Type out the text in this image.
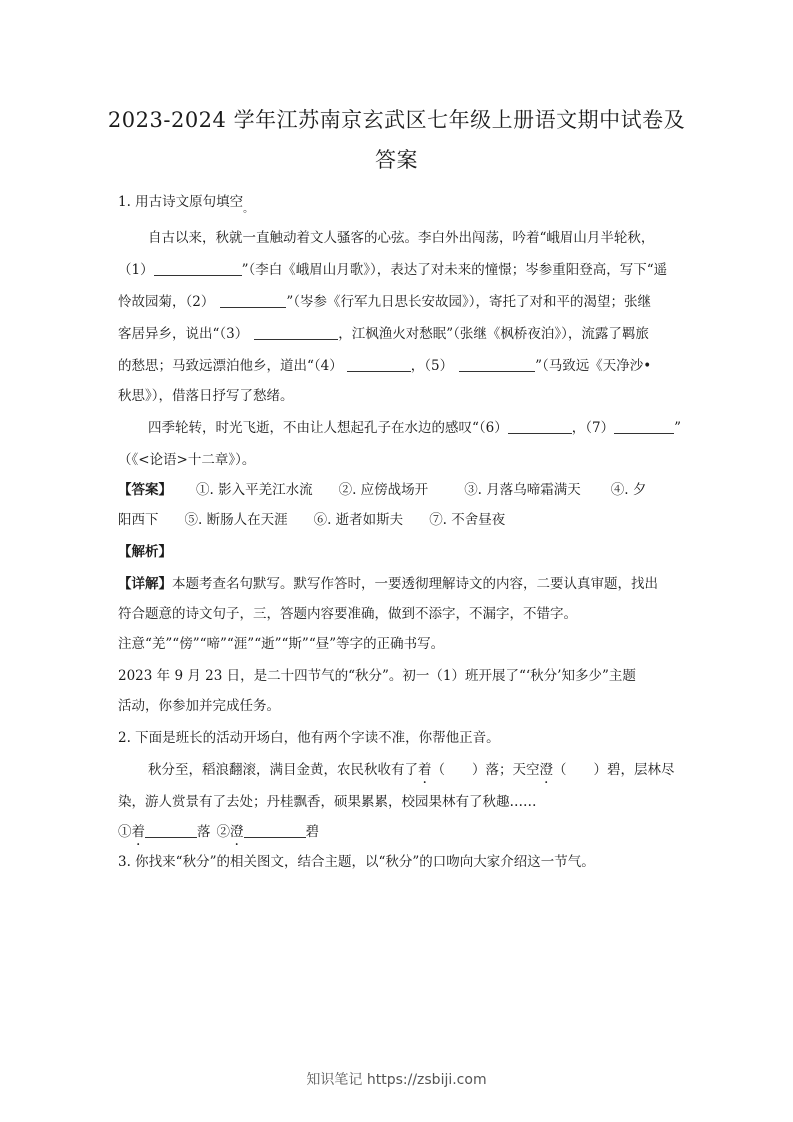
2023-2024 学年江苏南京玄武区七年级上册语文期中试卷及
答案
1. 用古诗文原句填空$_。$
自古以来，秋就一直触动着文人骚客的心弦。李白外出闯荡，吟着“峨眉山月半轮秋，
（1）	”（李白《峨眉山月歌》），表达了对未来的憧憬；岑参重阳登高，写下“遥
怜故园菊，（2）	”（岑参《行军九日思长安故园》），寄托了对和平的渴望；张继
客居异乡，说出“（3）	，江枫渔火对愁眠”（张继《枫桥夜泊》），流露了羁旅
的愁思；马致远漂泊他乡，道出“（4）	，（5）	”（马致远《天净沙•
秋思》），借落日抒写了愁绪。
四季轮转，时光飞逝，不由让人想起孔子在水边的感叹“（6）	，（7）	”
（《<论语>十二章》）。
【答案】 ①. 影入平羌江水流 ②. 应傍战场开	③. 月落乌啼霜满天 ④. 夕
阳西下 ⑤. 断肠人在天涯 ⑥. 逝者如斯夫 ⑦. 不舍昼夜
【解析】
【详解】本题考查名句默写。默写作答时，一要透彻理解诗文的内容，二要认真审题，找出
符合题意的诗文句子，三，答题内容要准确，做到不添字，不漏字，不错字。
注意“羌”“傍”“啼”“涯”“逝”“斯”“昼”等字的正确书写。
2023 年 9 月 23 日，是二十四节气的“秋分”。初一（1）班开展了“‘秋分’知多少”主题
活动，你参加并完成任务。
2. 下面是班长的活动开场白，他有两个字读不准，你帮他正音。
秋分至，稻浪翻滚，满目金黄，农民秋收有了着（　　）落；天空澄（　　）碧，层林尽
染，游人赏景有了去处；丹桂飘香，硕果累累，校园果林有了秋趣……
①着	落 ②澄	碧
3. 你找来“秋分”的相关图文，结合主题，以“秋分”的口吻向大家介绍这一节气。
知识笔记 https://zsbiji.com
